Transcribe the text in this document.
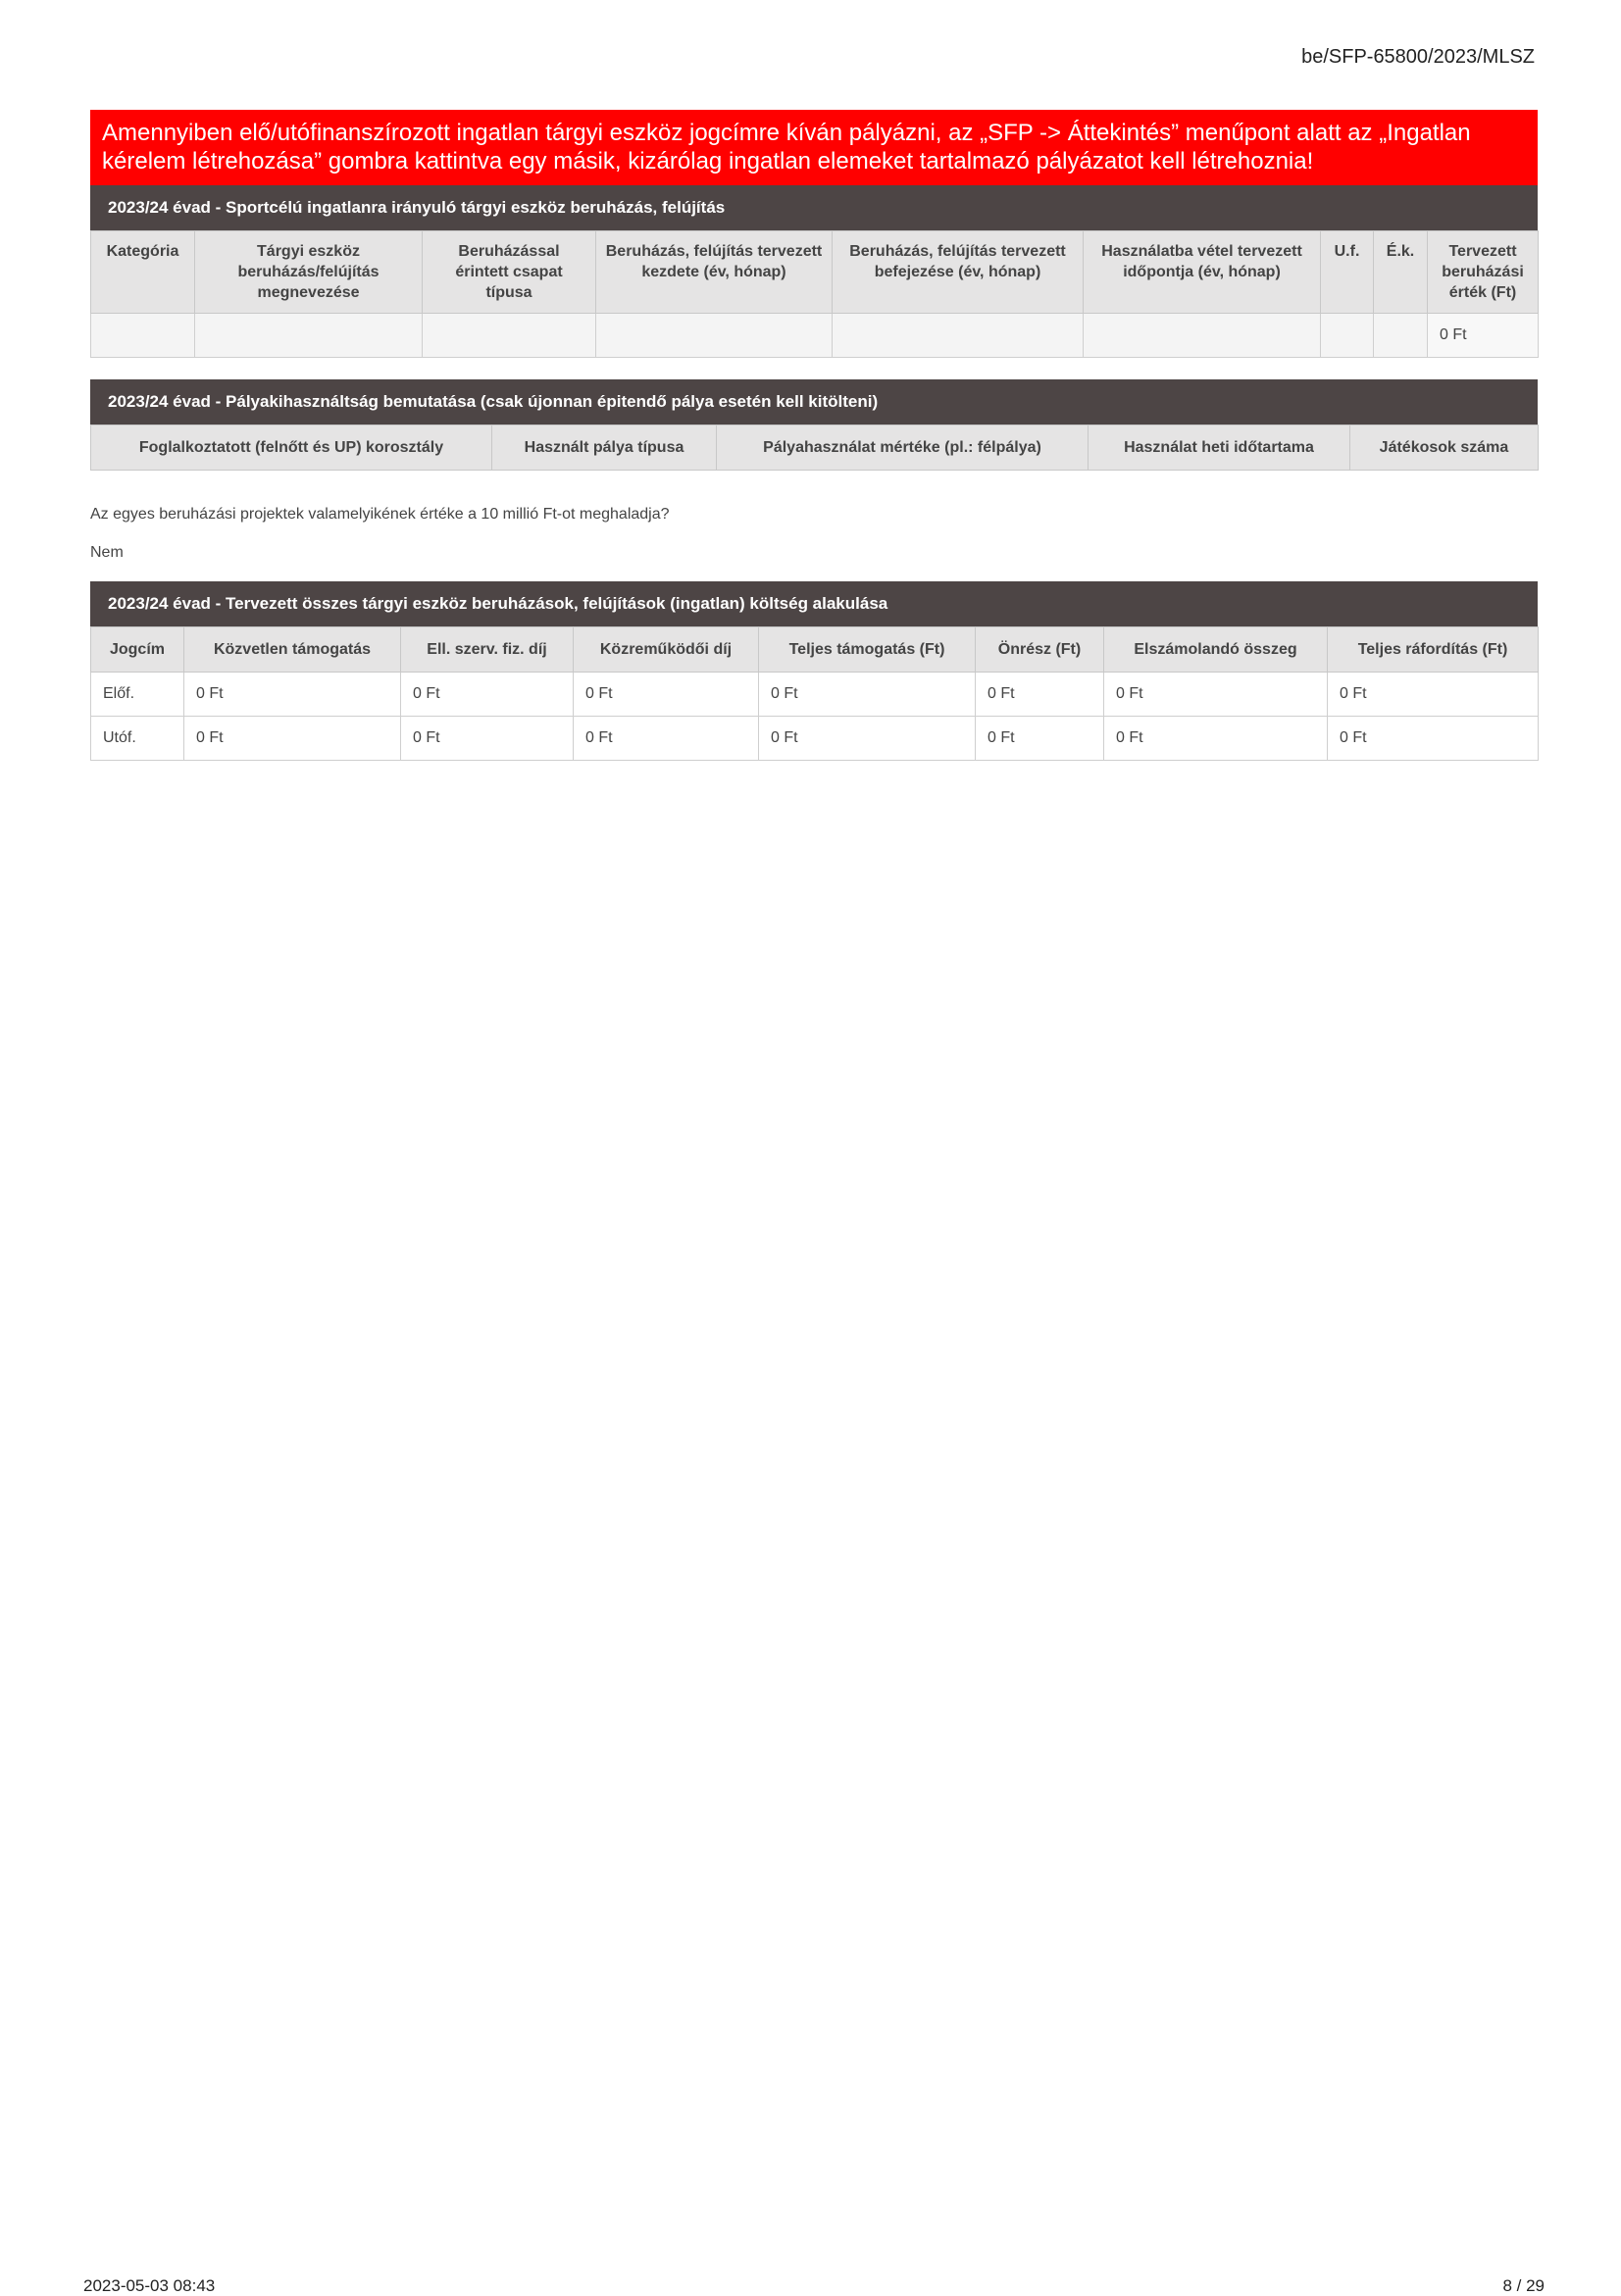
be/SFP-65800/2023/MLSZ
Amennyiben elő/utófinanszírozott ingatlan tárgyi eszköz jogcímre kíván pályázni, az „SFP -> Áttekintés” menűpont alatt az „Ingatlan kérelem létrehozása” gombra kattintva egy másik, kizárólag ingatlan elemeket tartalmazó pályázatot kell létrehoznia!
2023/24 évad - Sportcélú ingatlanra irányuló tárgyi eszköz beruházás, felújítás
Kategória	Tárgyi eszköz beruházás/felújítás megnevezése	Beruházással érintett csapat típusa	Beruházás, felújítás tervezett kezdete (év, hónap)	Beruházás, felújítás tervezett befejezése (év, hónap)	Használatba vétel tervezett időpontja (év, hónap)	U.f.	É.k.	Tervezett beruházási érték (Ft)
								0 Ft
2023/24 évad - Pályakihasználtság bemutatása (csak újonnan épitendő pálya esetén kell kitölteni)
Foglalkoztatott (felnőtt és UP) korosztály	Használt pálya típusa	Pályahasználat mértéke (pl.: félpálya)	Használat heti időtartama	Játékosok száma
Az egyes beruházási projektek valamelyikének értéke a 10 millió Ft-ot meghaladja?
Nem
2023/24 évad - Tervezett összes tárgyi eszköz beruházások, felújítások (ingatlan) költség alakulása
Jogcím	Közvetlen támogatás	Ell. szerv. fiz. díj	Közreműködői díj	Teljes támogatás (Ft)	Önrész (Ft)	Elszámolandó összeg	Teljes ráfordítás (Ft)
Előf.	0 Ft	0 Ft	0 Ft	0 Ft	0 Ft	0 Ft	0 Ft
Utóf.	0 Ft	0 Ft	0 Ft	0 Ft	0 Ft	0 Ft	0 Ft
2023-05-03 08:43	8 / 29
